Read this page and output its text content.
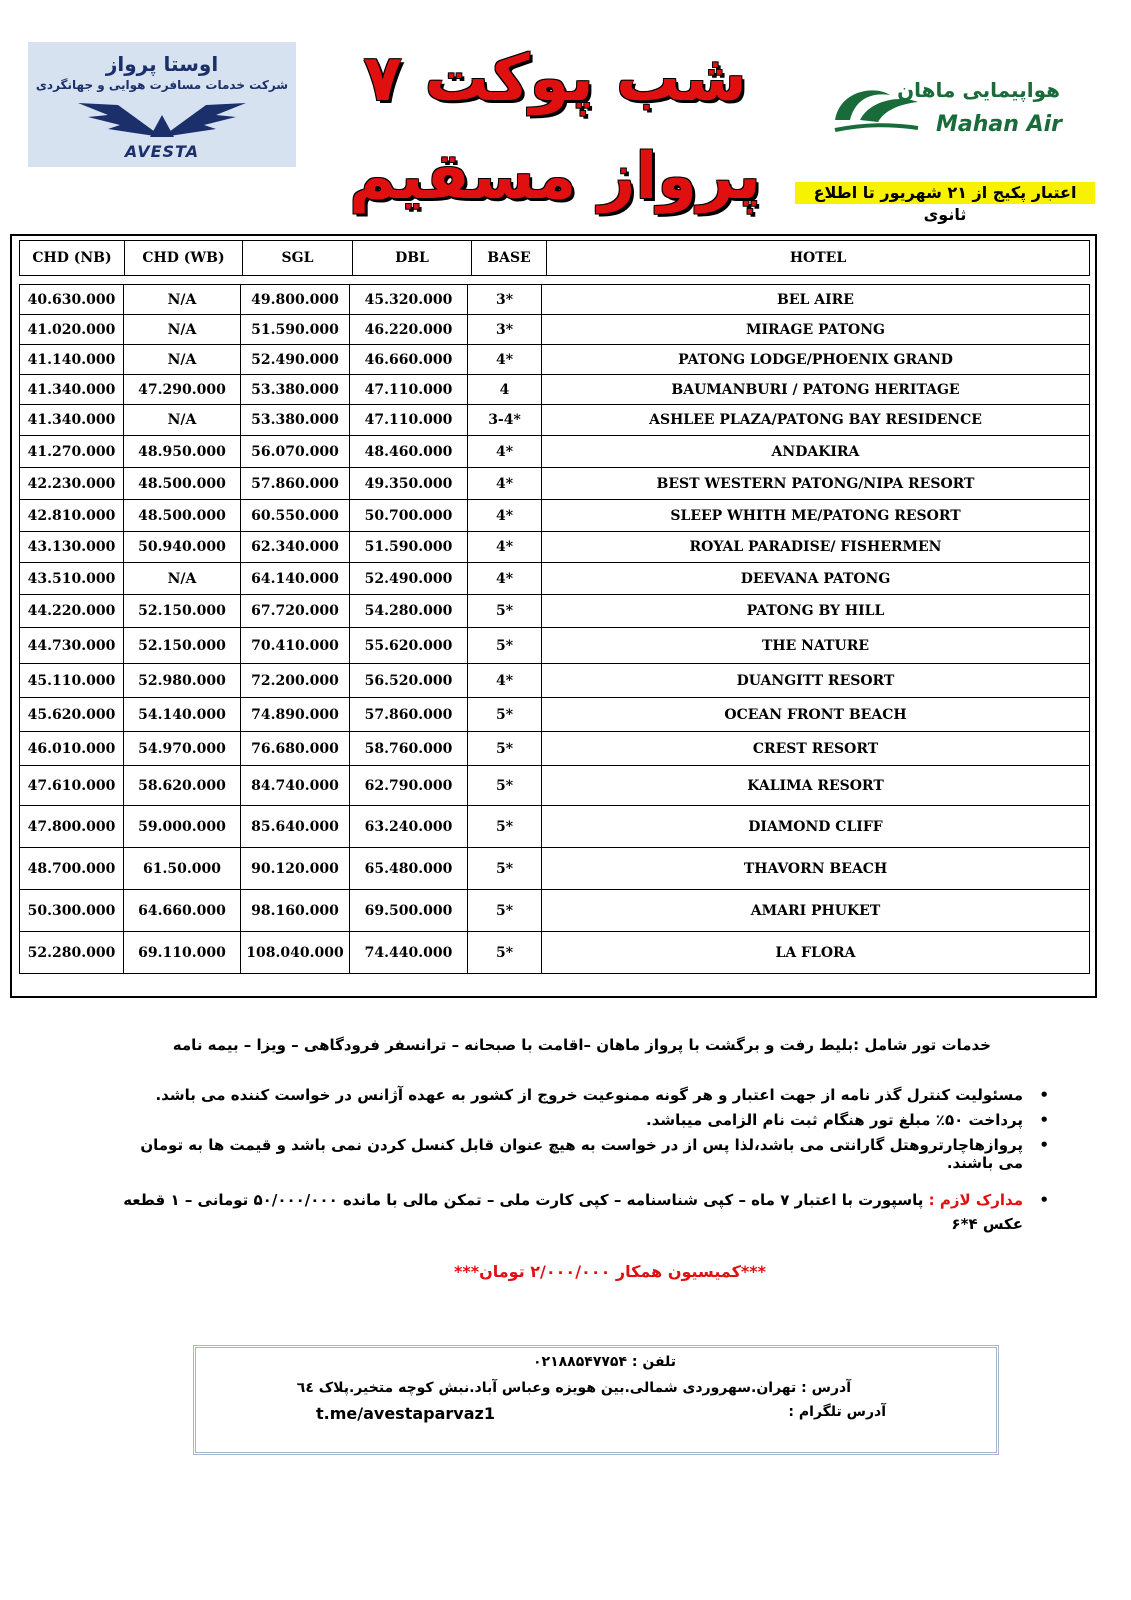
اوستا پرواز
شرکت خدمات مسافرت هوایی و جهانگردی
AVESTA
۷ شب پوکت
پرواز مسقیم
هواپیمایی ماهان
Mahan Air
اعتبار پکیج از ۲۱ شهریور تا اطلاع ثانوی
CHD (NB)	CHD (WB)	SGL	DBL	BASE	HOTEL
40.630.000	N/A	49.800.000	45.320.000	3*	BEL AIRE
41.020.000	N/A	51.590.000	46.220.000	3*	MIRAGE PATONG
41.140.000	N/A	52.490.000	46.660.000	4*	PATONG LODGE/PHOENIX GRAND
41.340.000	47.290.000	53.380.000	47.110.000	4	BAUMANBURI / PATONG HERITAGE
41.340.000	N/A	53.380.000	47.110.000	3-4*	ASHLEE PLAZA/PATONG BAY RESIDENCE
41.270.000	48.950.000	56.070.000	48.460.000	4*	ANDAKIRA
42.230.000	48.500.000	57.860.000	49.350.000	4*	BEST WESTERN PATONG/NIPA RESORT
42.810.000	48.500.000	60.550.000	50.700.000	4*	SLEEP WHITH ME/PATONG RESORT
43.130.000	50.940.000	62.340.000	51.590.000	4*	ROYAL PARADISE/ FISHERMEN
43.510.000	N/A	64.140.000	52.490.000	4*	DEEVANA PATONG
44.220.000	52.150.000	67.720.000	54.280.000	5*	PATONG BY HILL
44.730.000	52.150.000	70.410.000	55.620.000	5*	THE NATURE
45.110.000	52.980.000	72.200.000	56.520.000	4*	DUANGITT RESORT
45.620.000	54.140.000	74.890.000	57.860.000	5*	OCEAN FRONT BEACH
46.010.000	54.970.000	76.680.000	58.760.000	5*	CREST RESORT
47.610.000	58.620.000	84.740.000	62.790.000	5*	KALIMA RESORT
47.800.000	59.000.000	85.640.000	63.240.000	5*	DIAMOND CLIFF
48.700.000	61.50.000	90.120.000	65.480.000	5*	THAVORN BEACH
50.300.000	64.660.000	98.160.000	69.500.000	5*	AMARI PHUKET
52.280.000	69.110.000	108.040.000	74.440.000	5*	LA FLORA
خدمات تور شامل :بلیط رفت و برگشت با پرواز ماهان –اقامت با صبحانه – ترانسفر فرودگاهی – ویزا – بیمه نامه
• مسئولیت کنترل گذر نامه از جهت اعتبار و هر گونه ممنوعیت خروج از کشور به عهده آژانس در خواست کننده می باشد.
• پرداخت ۵۰٪ مبلغ تور هنگام ثبت نام الزامی میباشد.
• پروازهاچارتروهتل گارانتی می باشد،لذا پس از در خواست به هیچ عنوان قابل کنسل کردن نمی باشد و قیمت ها به تومان می باشند.
• مدارک لازم : پاسپورت با اعتبار ۷ ماه – کپی شناسنامه – کپی کارت ملی – تمکن مالی با مانده ۵۰/۰۰۰/۰۰۰ تومانی – ۱ قطعه عکس ۴*۶
***کمیسیون همکار ۲/۰۰۰/۰۰۰ تومان***
تلفن : ۰۲۱۸۸۵۴۷۷۵۴
آدرس : تهران.سهروردی شمالی.بین هویزه وعباس آباد.نبش کوچه متخیر.پلاک ٦٤
آدرس تلگرام :
t.me/avestaparvaz1
